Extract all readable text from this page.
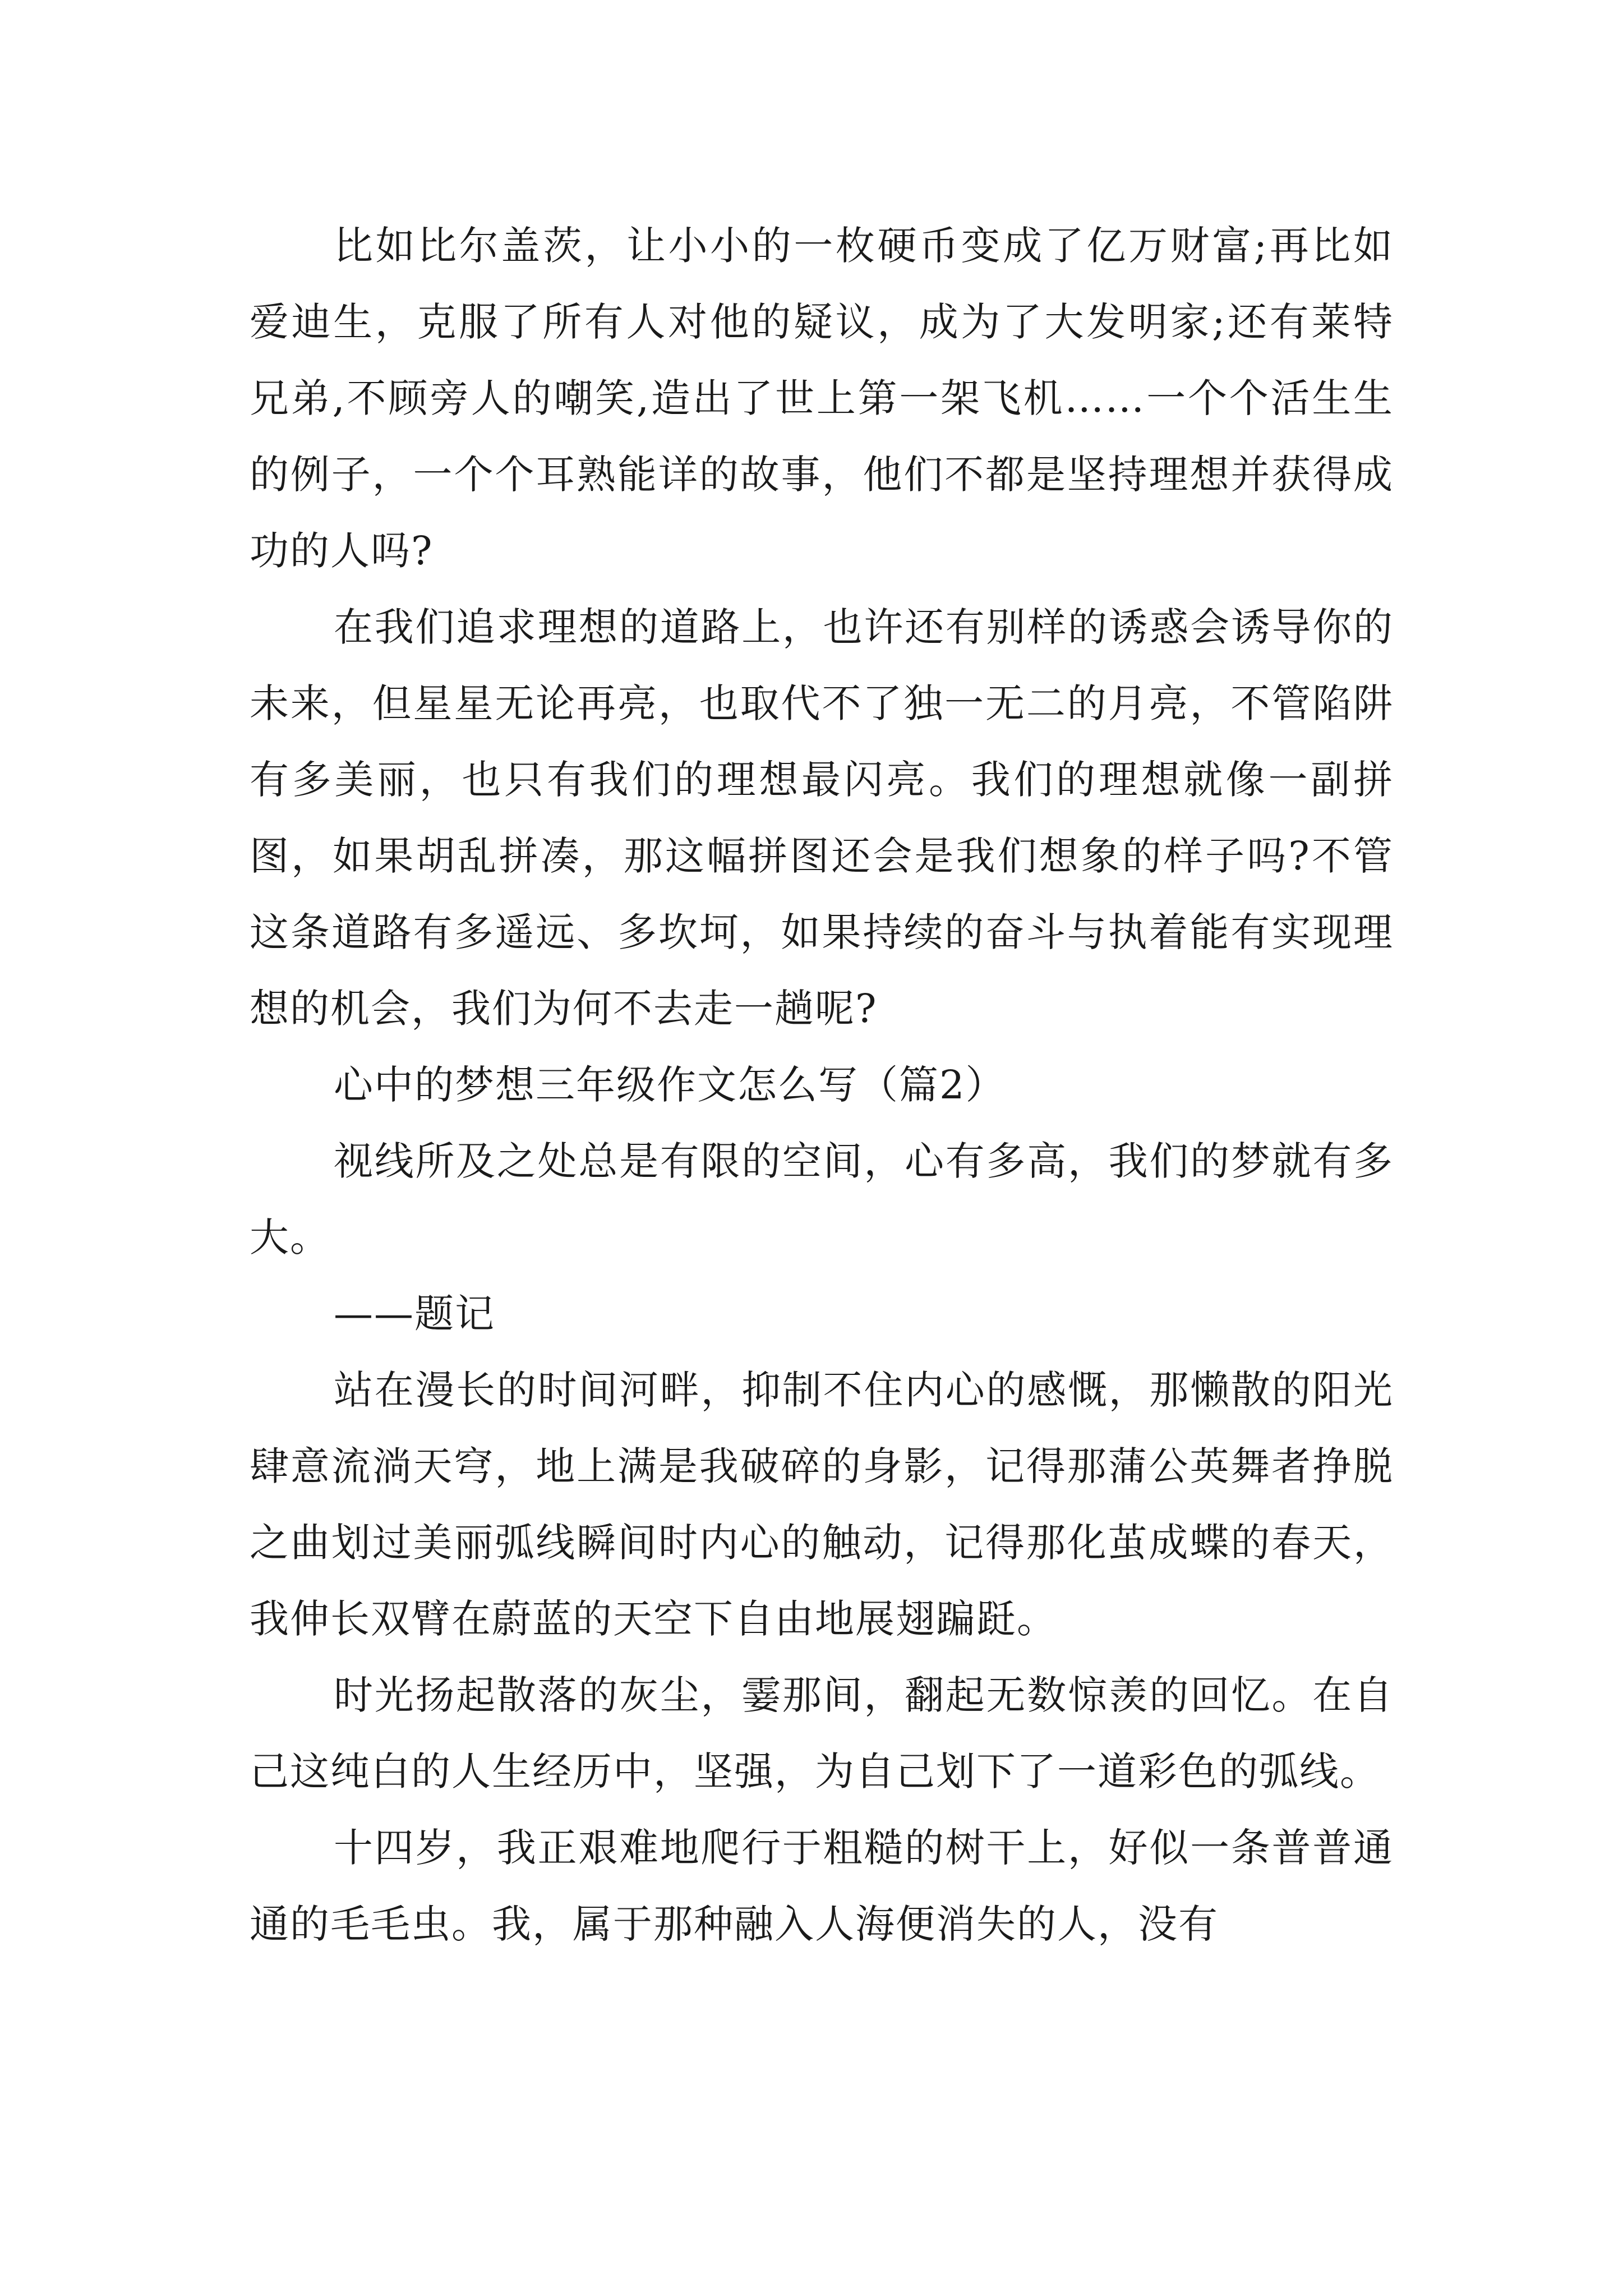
比如比尔盖茨，让小小的一枚硬币变成了亿万财富;再比如爱迪生，克服了所有人对他的疑议，成为了大发明家;还有莱特兄弟,不顾旁人的嘲笑,造出了世上第一架飞机……一个个活生生的例子，一个个耳熟能详的故事，他们不都是坚持理想并获得成功的人吗?

在我们追求理想的道路上，也许还有别样的诱惑会诱导你的未来，但星星无论再亮，也取代不了独一无二的月亮，不管陷阱有多美丽，也只有我们的理想最闪亮。我们的理想就像一副拼图，如果胡乱拼凑，那这幅拼图还会是我们想象的样子吗?不管这条道路有多遥远、多坎坷，如果持续的奋斗与执着能有实现理想的机会，我们为何不去走一趟呢?

心中的梦想三年级作文怎么写（篇2）

视线所及之处总是有限的空间，心有多高，我们的梦就有多大。

——题记

站在漫长的时间河畔，抑制不住内心的感慨，那懒散的阳光肆意流淌天穹，地上满是我破碎的身影，记得那蒲公英舞者挣脱之曲划过美丽弧线瞬间时内心的触动，记得那化茧成蝶的春天，我伸长双臂在蔚蓝的天空下自由地展翅蹁跹。

时光扬起散落的灰尘，霎那间，翻起无数惊羡的回忆。在自己这纯白的人生经历中，坚强，为自己划下了一道彩色的弧线。

十四岁，我正艰难地爬行于粗糙的树干上，好似一条普普通通的毛毛虫。我，属于那种融入人海便消失的人，没有
